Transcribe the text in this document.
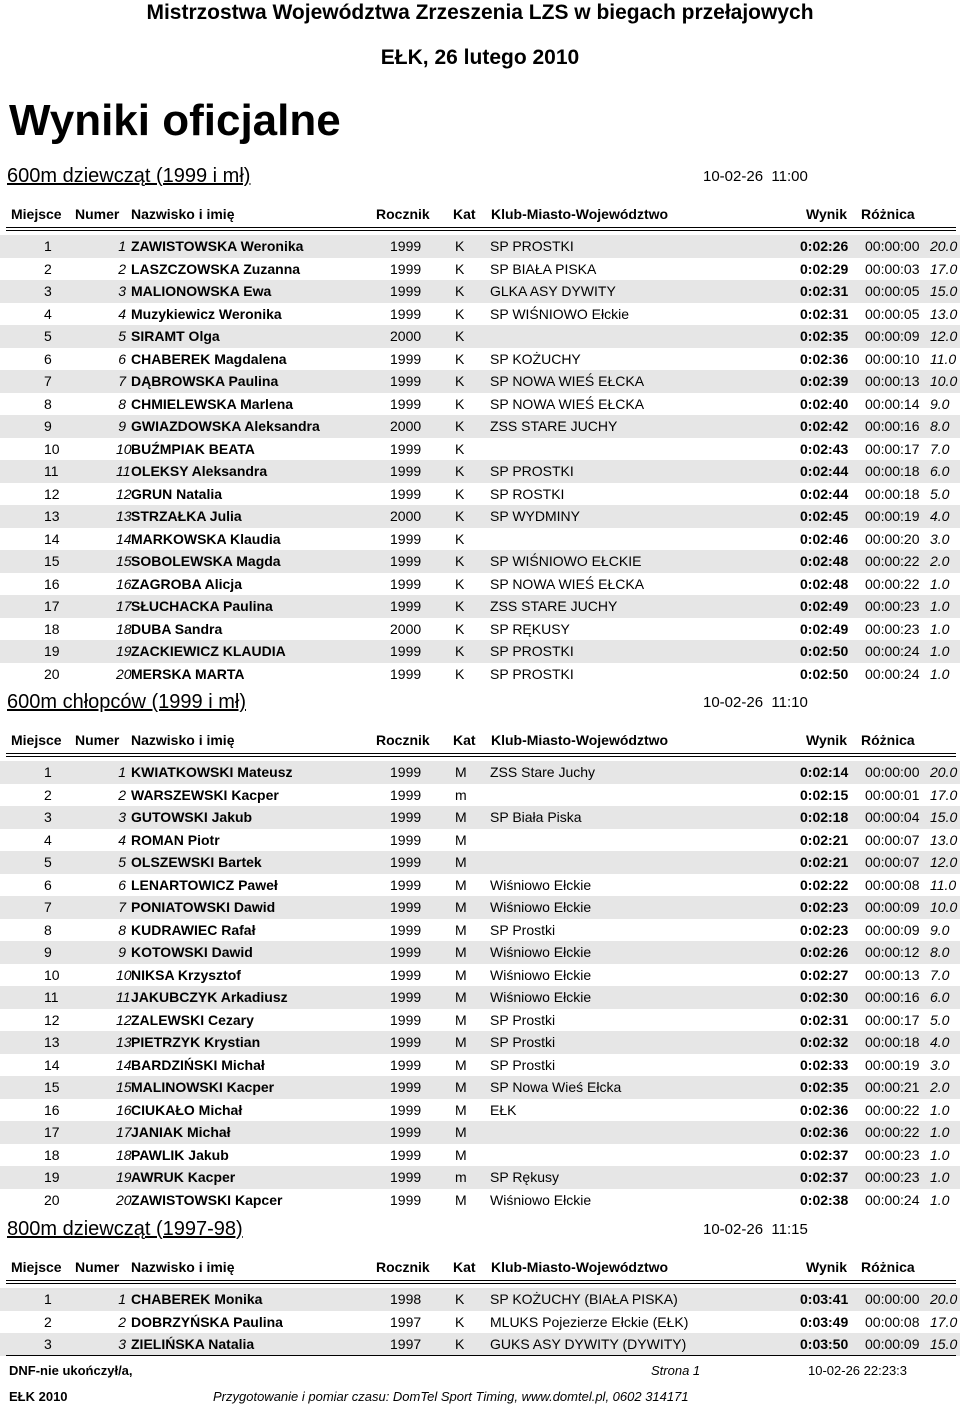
Mistrzostwa Województwa Zrzeszenia LZS w biegach przełajowych
EŁK, 26 lutego 2010
Wyniki oficjalne
600m dziewcząt (1999 i mł)	10-02-26  11:00
Miejsce Numer Nazwisko i imię	Rocznik Kat Klub-Miasto-Województwo	Wynik Różnica
1	1 ZAWISTOWSKA Weronika	1999 K SP PROSTKI	0:02:26 00:00:00 20.0
2	2 LASZCZOWSKA Zuzanna	1999 K SP BIAŁA PISKA	0:02:29 00:00:03 17.0
3	3 MALIONOWSKA Ewa	1999 K GLKA ASY DYWITY	0:02:31 00:00:05 15.0
4	4 Muzykiewicz Weronika	1999 K SP WIŚNIOWO Ełckie	0:02:31 00:00:05 13.0
5	5 SIRAMT Olga	2000 K	0:02:35 00:00:09 12.0
6	6 CHABEREK Magdalena	1999 K SP KOŻUCHY	0:02:36 00:00:10 11.0
7	7 DĄBROWSKA Paulina	1999 K SP NOWA WIEŚ EŁCKA	0:02:39 00:00:13 10.0
8	8 CHMIELEWSKA Marlena	1999 K SP NOWA WIEŚ EŁCKA	0:02:40 00:00:14 9.0
9	9 GWIAZDOWSKA Aleksandra	2000 K ZSS STARE JUCHY	0:02:42 00:00:16 8.0
10	10 BUŹMPIAK BEATA	1999 K	0:02:43 00:00:17 7.0
11	11 OLEKSY Aleksandra	1999 K SP PROSTKI	0:02:44 00:00:18 6.0
12	12 GRUN Natalia	1999 K SP ROSTKI	0:02:44 00:00:18 5.0
13	13 STRZAŁKA Julia	2000 K SP WYDMINY	0:02:45 00:00:19 4.0
14	14 MARKOWSKA Klaudia	1999 K	0:02:46 00:00:20 3.0
15	15 SOBOLEWSKA Magda	1999 K SP WIŚNIOWO EŁCKIE	0:02:48 00:00:22 2.0
16	16 ZAGROBA Alicja	1999 K SP NOWA WIEŚ EŁCKA	0:02:48 00:00:22 1.0
17	17 SŁUCHACKA Paulina	1999 K ZSS STARE JUCHY	0:02:49 00:00:23 1.0
18	18 DUBA Sandra	2000 K SP RĘKUSY	0:02:49 00:00:23 1.0
19	19 ZACKIEWICZ KLAUDIA	1999 K SP PROSTKI	0:02:50 00:00:24 1.0
20	20 MERSKA MARTA	1999 K SP PROSTKI	0:02:50 00:00:24 1.0
600m chłopców (1999 i mł)	10-02-26  11:10
Miejsce Numer Nazwisko i imię	Rocznik Kat Klub-Miasto-Województwo	Wynik Różnica
1	1 KWIATKOWSKI Mateusz	1999 M ZSS Stare Juchy	0:02:14 00:00:00 20.0
2	2 WARSZEWSKI Kacper	1999 m	0:02:15 00:00:01 17.0
3	3 GUTOWSKI Jakub	1999 M SP Biała Piska	0:02:18 00:00:04 15.0
4	4 ROMAN Piotr	1999 M	0:02:21 00:00:07 13.0
5	5 OLSZEWSKI Bartek	1999 M	0:02:21 00:00:07 12.0
6	6 LENARTOWICZ Paweł	1999 M Wiśniowo Ełckie	0:02:22 00:00:08 11.0
7	7 PONIATOWSKI Dawid	1999 M Wiśniowo Ełckie	0:02:23 00:00:09 10.0
8	8 KUDRAWIEC Rafał	1999 M SP Prostki	0:02:23 00:00:09 9.0
9	9 KOTOWSKI Dawid	1999 M Wiśniowo Ełckie	0:02:26 00:00:12 8.0
10	10 NIKSA Krzysztof	1999 M Wiśniowo Ełckie	0:02:27 00:00:13 7.0
11	11 JAKUBCZYK Arkadiusz	1999 M Wiśniowo Ełckie	0:02:30 00:00:16 6.0
12	12 ZALEWSKI Cezary	1999 M SP Prostki	0:02:31 00:00:17 5.0
13	13 PIETRZYK Krystian	1999 M SP Prostki	0:02:32 00:00:18 4.0
14	14 BARDZIŃSKI Michał	1999 M SP Prostki	0:02:33 00:00:19 3.0
15	15 MALINOWSKI Kacper	1999 M SP Nowa Wieś Ełcka	0:02:35 00:00:21 2.0
16	16 CIUKAŁO Michał	1999 M EŁK	0:02:36 00:00:22 1.0
17	17 JANIAK Michał	1999 M	0:02:36 00:00:22 1.0
18	18 PAWLIK Jakub	1999 M	0:02:37 00:00:23 1.0
19	19 AWRUK Kacper	1999 m SP Rękusy	0:02:37 00:00:23 1.0
20	20 ZAWISTOWSKI Kapcer	1999 M Wiśniowo Ełckie	0:02:38 00:00:24 1.0
800m dziewcząt (1997-98)	10-02-26  11:15
Miejsce Numer Nazwisko i imię	Rocznik Kat Klub-Miasto-Województwo	Wynik Różnica
1	1 CHABEREK Monika	1998 K SP KOŻUCHY (BIAŁA PISKA)	0:03:41 00:00:00 20.0
2	2 DOBRZYŃSKA Paulina	1997 K MLUKS Pojezierze Ełckie (EŁK)	0:03:49 00:00:08 17.0
3	3 ZIELIŃSKA Natalia	1997 K GUKS ASY DYWITY (DYWITY)	0:03:50 00:00:09 15.0
DNF-nie ukończył/a,	Strona 1	10-02-26 22:23:3
EŁK 2010	Przygotowanie i pomiar czasu: DomTel Sport Timing, www.domtel.pl, 0602 314171
